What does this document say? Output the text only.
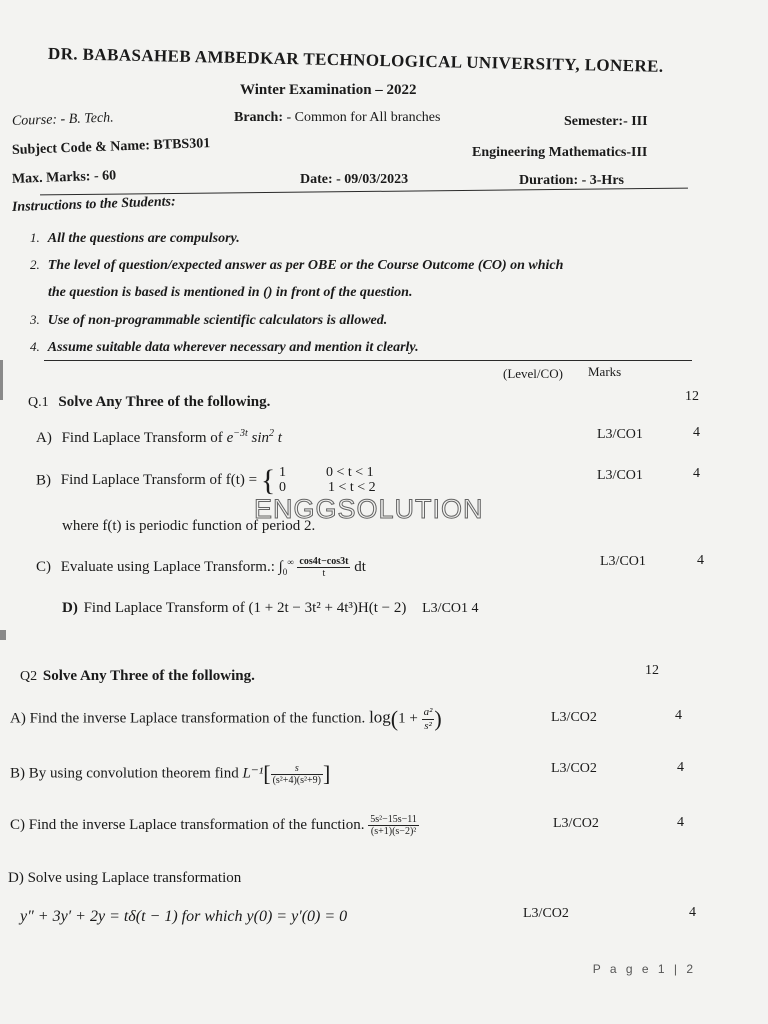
DR. BABASAHEB AMBEDKAR TECHNOLOGICAL UNIVERSITY, LONERE.
Winter Examination – 2022
Course: - B. Tech.	Branch: - Common for All branches	Semester:- III
Subject Code & Name: BTBS301	Engineering Mathematics-III
Max. Marks: - 60	Date: - 09/03/2023	Duration: - 3-Hrs
Instructions to the Students:
1. All the questions are compulsory.
2. The level of question/expected answer as per OBE or the Course Outcome (CO) on which
the question is based is mentioned in () in front of the question.
3. Use of non-programmable scientific calculators is allowed.
4. Assume suitable data wherever necessary and mention it clearly.
(Level/CO) Marks
Q.1 Solve Any Three of the following.	12
A) Find Laplace Transform of $e^{-3t}$ $\sin^2 t$	L3/CO1	4
B) Find Laplace Transform of f(t) = { 1	0 < t < 1
0	1 < t < 2
L3/CO1	4
where f(t) is periodic function of period 2.
ENGGSOLUTION
C) Evaluate using Laplace Transform.: $\int_0^\infty \frac{\cos 4t-\cos 3t}{t}$ dt	L3/CO1	4
D) Find Laplace Transform of (1 + 2t − 3t² + 4t³)H(t − 2) L3/CO1 4
Q2 Solve Any Three of the following.	12
A) Find the inverse Laplace transformation of the function. $\log(1 + \frac{\text{a²}}{\text{s²}}$ )	L3/CO2	4
B) By using convolution theorem find $L^{-1}[ \frac{s}{\text{(s²+4)(s²+9)}}$ ]	L3/CO2	4
C) Find the inverse Laplace transformation of the function. $\frac{\text{5s²−15s−11}}{\text{(s+1)(s−2)²}}$	L3/CO2	4
D) Solve using Laplace transformation
y″ + 3y′ + 2y = tδ(t − 1) for which y(0) = y′(0) = 0	L3/CO2	4
P a g e 1 | 2
